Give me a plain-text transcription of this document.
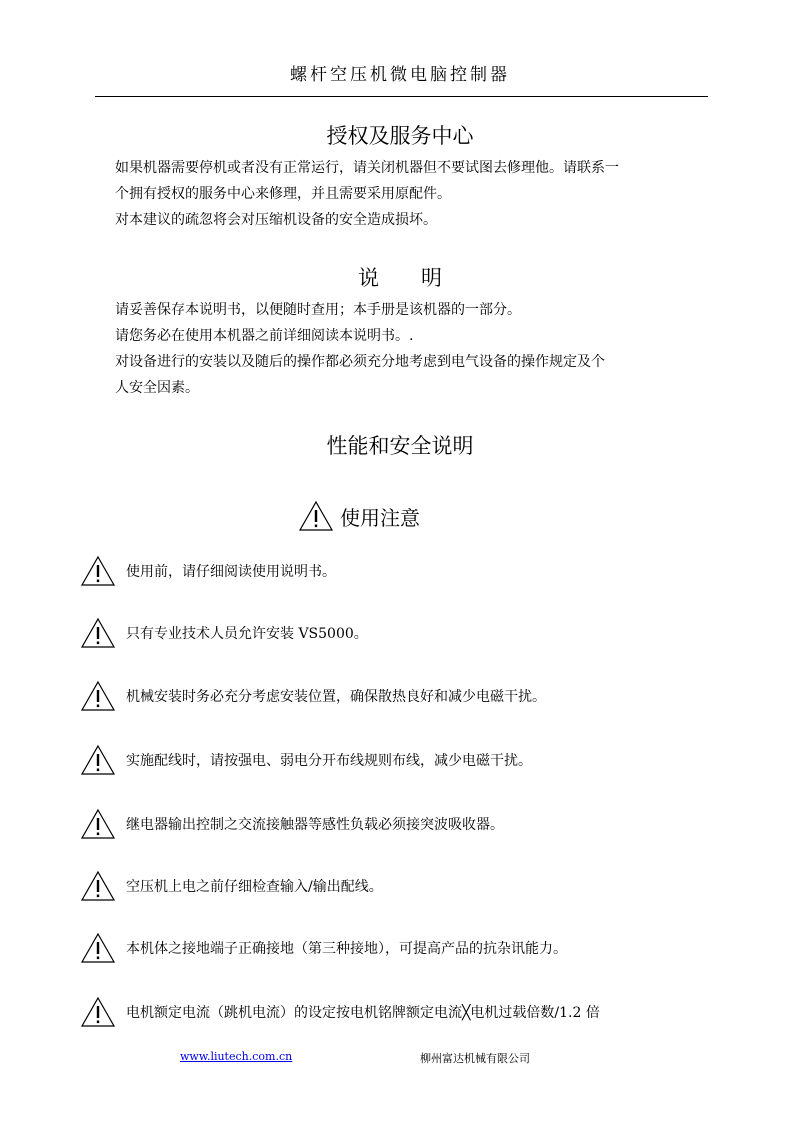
螺杆空压机微电脑控制器
授权及服务中心

如果机器需要停机或者没有正常运行，请关闭机器但不要试图去修理他。请联系一

个拥有授权的服务中心来修理，并且需要采用原配件。

对本建议的疏忽将会对压缩机设备的安全造成损坏。

说　　明

请妥善保存本说明书，以便随时查用；本手册是该机器的一部分。

请您务必在使用本机器之前详细阅读本说明书。.

对设备进行的安装以及随后的操作都必须充分地考虑到电气设备的操作规定及个

人安全因素。

性能和安全说明
使用注意
使用前，请仔细阅读使用说明书。
只有专业技术人员允许安装 VS5000。
机械安装时务必充分考虑安装位置，确保散热良好和减少电磁干扰。
实施配线时，请按强电、弱电分开布线规则布线，减少电磁干扰。
继电器输出控制之交流接触器等感性负载必须接突波吸收器。
空压机上电之前仔细检查输入/输出配线。
本机体之接地端子正确接地（第三种接地），可提高产品的抗杂讯能力。
电机额定电流（跳机电流）的设定按电机铭牌额定电流╳电机过载倍数/1.2 倍
www.liutech.com.cn	柳州富达机械有限公司
